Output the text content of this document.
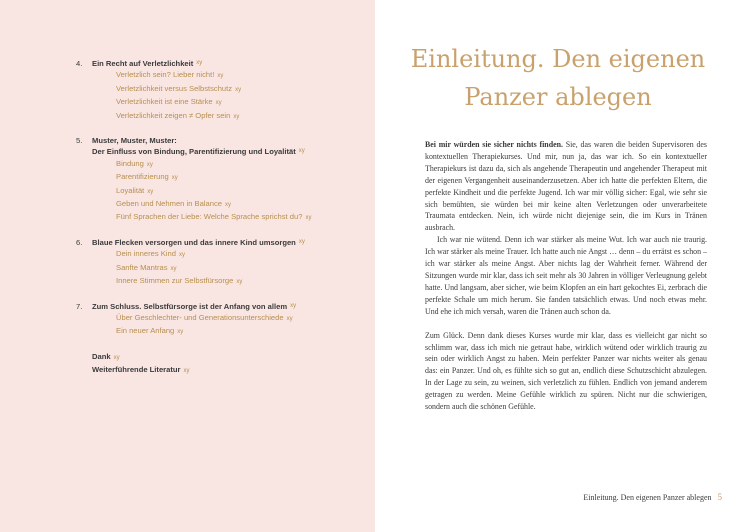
4.	Ein Recht auf Verletzlichkeit xy
Verletzlich sein? Lieber nicht! xy
Verletzlichkeit versus Selbstschutz xy
Verletzlichkeit ist eine Stärke xy
Verletzlichkeit zeigen ≠ Opfer sein xy
5.	Muster, Muster, Muster:
Der Einfluss von Bindung, Parentifizierung und Loyalität xy
Bindung xy
Parentifizierung xy
Loyalität xy
Geben und Nehmen in Balance xy
Fünf Sprachen der Liebe: Welche Sprache sprichst du? xy
6.	Blaue Flecken versorgen und das innere Kind umsorgen xy
Dein inneres Kind xy
Sanfte Mantras xy
Innere Stimmen zur Selbstfürsorge xy
7.	Zum Schluss. Selbstfürsorge ist der Anfang von allem xy
Über Geschlechter- und Generationsunterschiede xy
Ein neuer Anfang xy
Dank xy
Weiterführende Literatur xy
Einleitung. Den eigenen
Panzer ablegen

Bei mir würden sie sicher nichts finden. Sie, das waren die beiden Supervisoren des kontextuellen Therapiekurses. Und mir, nun ja, das war ich. So ein kontextueller Therapiekurs ist dazu da, sich als angehende Therapeutin und angehender Therapeut mit der eigenen Vergangenheit auseinanderzusetzen. Aber ich hatte die perfekten Eltern, die perfekte Kindheit und die perfekte Jugend. Ich war mir völlig sicher: Egal, wie sehr sie sich bemühten, sie würden bei mir keine alten Verletzungen oder unverarbeitete Traumata entdecken. Nein, ich würde nicht diejenige sein, die im Kurs in Tränen ausbrach.

Ich war nie wütend. Denn ich war stärker als meine Wut. Ich war auch nie traurig. Ich war stärker als meine Trauer. Ich hatte auch nie Angst … denn – du errätst es schon – ich war stärker als meine Angst. Aber nichts lag der Wahrheit ferner. Während der Sitzungen wurde mir klar, dass ich seit mehr als 30 Jahren in völliger Verleugnung gelebt hatte. Und langsam, aber sicher, wie beim Klopfen an ein hart gekochtes Ei, zerbrach die perfekte Schale um mich herum. Sie fanden tatsächlich etwas. Und noch etwas mehr. Und ehe ich mich versah, waren die Tränen auch schon da.

Zum Glück. Denn dank dieses Kurses wurde mir klar, dass es vielleicht gar nicht so schlimm war, dass ich mich nie getraut habe, wirklich wütend oder wirklich traurig zu sein oder wirklich Angst zu haben. Mein perfekter Panzer war nichts weiter als genau das: ein Panzer. Und oh, es fühlte sich so gut an, endlich diese Schutzschicht abzulegen. In der Lage zu sein, zu weinen, sich verletzlich zu fühlen. Endlich von jemand anderem getragen zu werden. Meine Gefühle wirklich zu spüren. Nicht nur die schwierigen, sondern auch die schönen Gefühle.

Einleitung. Den eigenen Panzer ablegen 5
